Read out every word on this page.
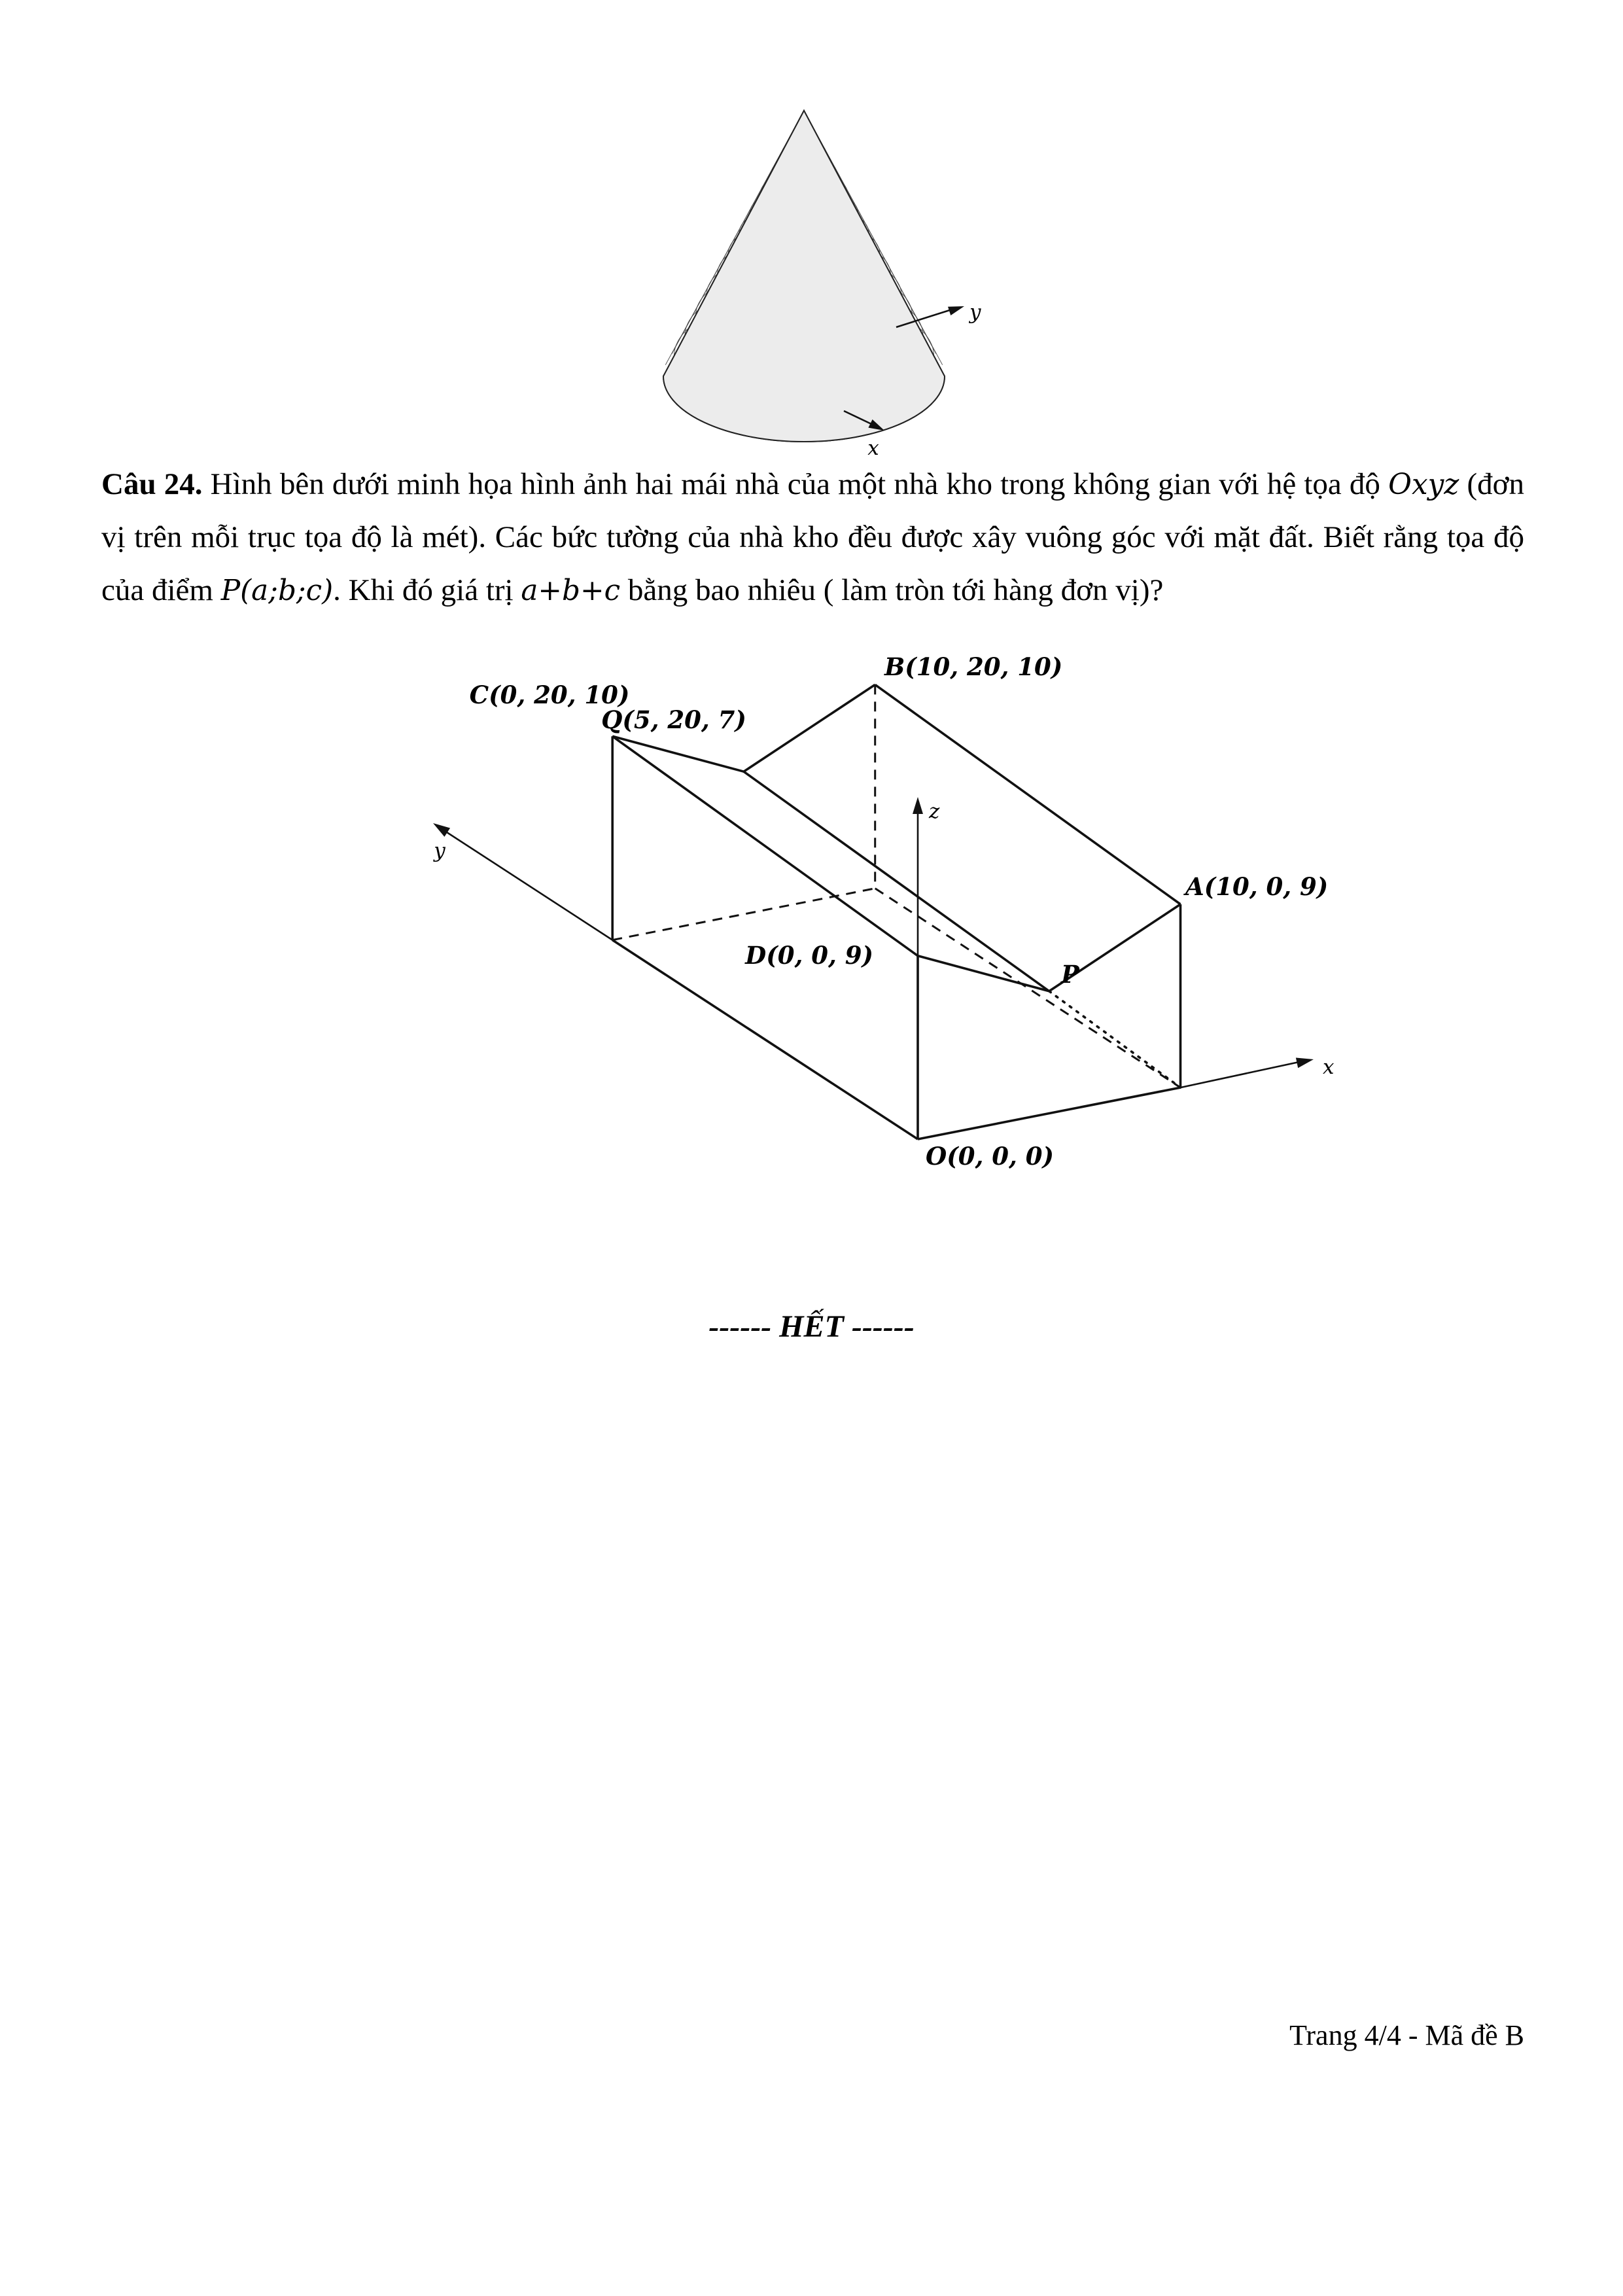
y
x
Câu 24. Hình bên dưới minh họa hình ảnh hai mái nhà của một nhà kho trong không gian với hệ tọa độ Oxyz (đơn vị trên mỗi trục tọa độ là mét). Các bức tường của nhà kho đều được xây vuông góc với mặt đất. Biết rằng tọa độ của điểm P(a;b;c). Khi đó giá trị a+b+c bằng bao nhiêu ( làm tròn tới hàng đơn vị)?
z
y
x
B(10, 20, 10)
C(0, 20, 10)
Q(5, 20, 7)
A(10, 0, 9)
D(0, 0, 9)
P
O(0, 0, 0)
------ HẾT ------
Trang 4/4 - Mã đề B
